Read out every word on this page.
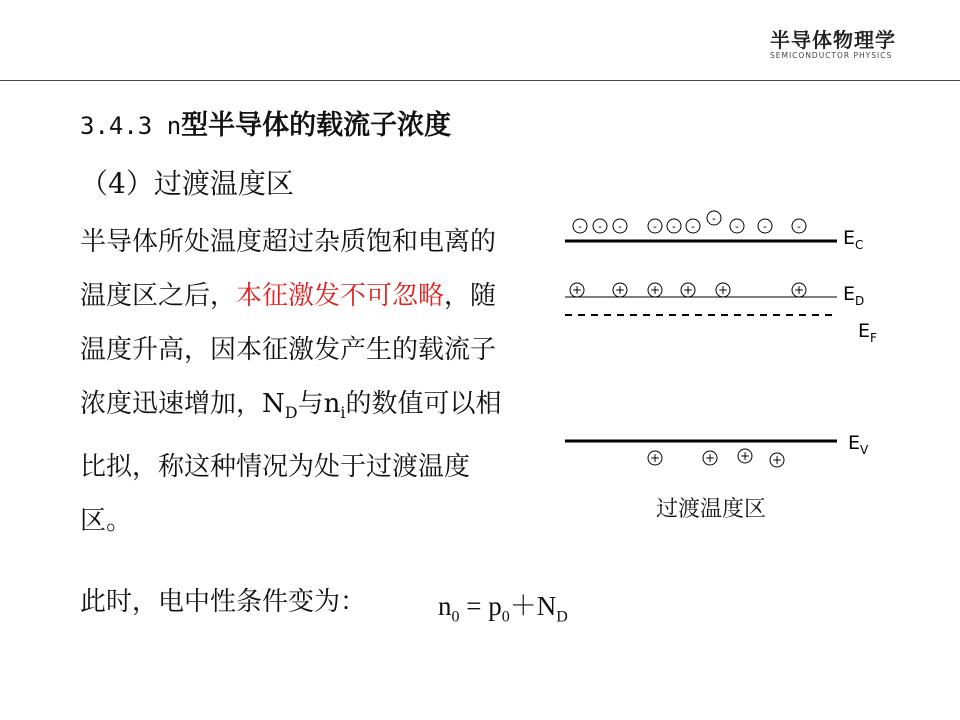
半导体物理学
SEMICONDUCTOR PHYSICS
3.4.3 n型半导体的载流子浓度
（4）过渡温度区
半导体所处温度超过杂质饱和电离的温度区之后，本征激发不可忽略，随温度升高，因本征激发产生的载流子浓度迅速增加，$N_D$与$n_i$的数值可以相比拟，称这种情况为处于过渡温度区。
此时，电中性条件变为：	$n_0 = p_0+N_D$
$E_C$
$E_D$
$E_F$
$E_V$
- - -	- - -
-
- -	-
+	+ + + +	+
+	+ + +
过渡温度区
